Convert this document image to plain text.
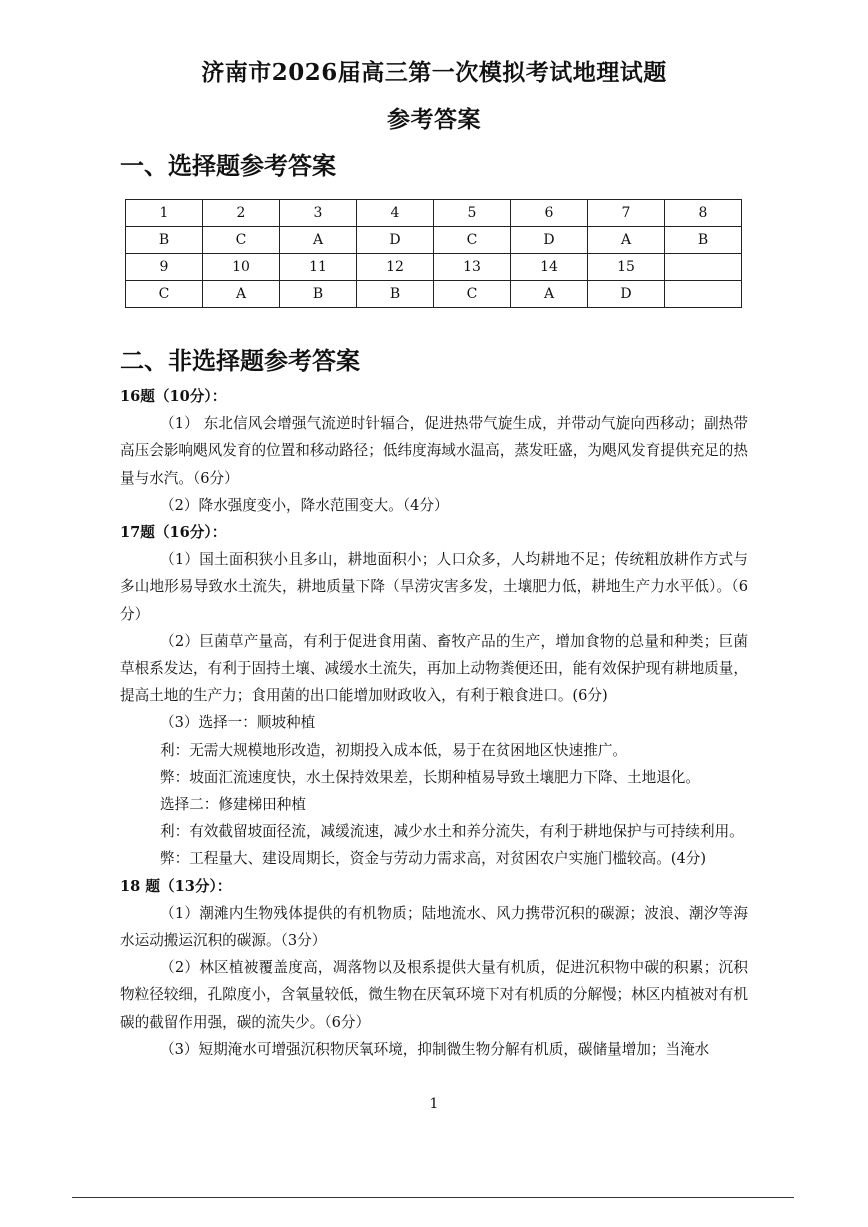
济南市2026届高三第一次模拟考试地理试题
参考答案
一、选择题参考答案
1	2	3	4	5	6	7	8
B	C	A	D	C	D	A	B
9	10	11	12	13	14	15	
C	A	B	B	C	A	D	
二、非选择题参考答案

16题（10分）：

（1） 东北信风会增强气流逆时针辐合，促进热带气旋生成，并带动气旋向西移动；副热带高压会影响飓风发育的位置和移动路径；低纬度海域水温高，蒸发旺盛，为飓风发育提供充足的热量与水汽。（6分）

（2）降水强度变小，降水范围变大。（4分）

17题（16分）：

（1）国土面积狭小且多山，耕地面积小；人口众多，人均耕地不足；传统粗放耕作方式与多山地形易导致水土流失，耕地质量下降（旱涝灾害多发，土壤肥力低，耕地生产力水平低）。（6分）

（2）巨菌草产量高，有利于促进食用菌、畜牧产品的生产，增加食物的总量和种类；巨菌草根系发达，有利于固持土壤、减缓水土流失，再加上动物粪便还田，能有效保护现有耕地质量，提高土地的生产力；食用菌的出口能增加财政收入，有利于粮食进口。(6分)

（3）选择一：顺坡种植

利：无需大规模地形改造，初期投入成本低，易于在贫困地区快速推广。

弊：坡面汇流速度快，水土保持效果差，长期种植易导致土壤肥力下降、土地退化。

选择二：修建梯田种植

利：有效截留坡面径流，减缓流速，减少水土和养分流失，有利于耕地保护与可持续利用。

弊：工程量大、建设周期长，资金与劳动力需求高，对贫困农户实施门槛较高。(4分)

18 题（13分）：

（1）潮滩内生物残体提供的有机物质；陆地流水、风力携带沉积的碳源；波浪、潮汐等海水运动搬运沉积的碳源。（3分）

（2）林区植被覆盖度高，凋落物以及根系提供大量有机质，促进沉积物中碳的积累；沉积物粒径较细，孔隙度小，含氧量较低，微生物在厌氧环境下对有机质的分解慢；林区内植被对有机碳的截留作用强，碳的流失少。（6分）

（3）短期淹水可增强沉积物厌氧环境，抑制微生物分解有机质，碳储量增加；当淹水

1
